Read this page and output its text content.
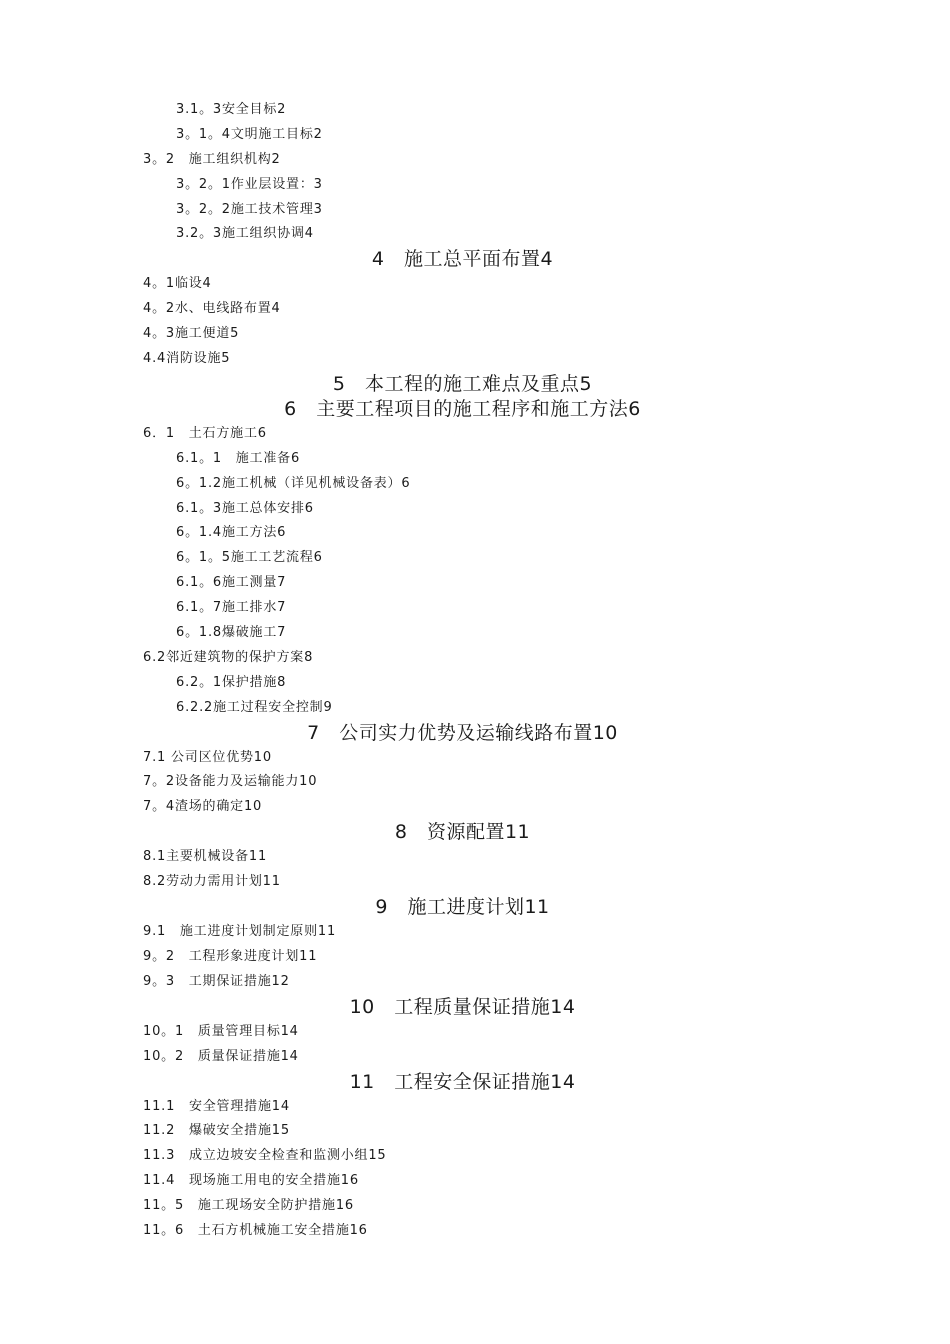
3.1。3安全目标2
3。1。4文明施工目标2
3。2　施工组织机构2
3。2。1作业层设置：3
3。2。2施工技术管理3
3.2。3施工组织协调4
4　施工总平面布置4
4。1临设4
4。2水、电线路布置4
4。3施工便道5
4.4消防设施5
5　本工程的施工难点及重点5
6　主要工程项目的施工程序和施工方法6
6．1　土石方施工6
6.1。1　施工准备6
6。1.2施工机械（详见机械设备表）6
6.1。3施工总体安排6
6。1.4施工方法6
6。1。5施工工艺流程6
6.1。6施工测量7
6.1。7施工排水7
6。1.8爆破施工7
6.2邻近建筑物的保护方案8
6.2。1保护措施8
6.2.2施工过程安全控制9
7　公司实力优势及运输线路布置10
7.1 公司区位优势10
7。2设备能力及运输能力10
7。4渣场的确定10
8　资源配置11
8.1主要机械设备11
8.2劳动力需用计划11
9　施工进度计划11
9.1　施工进度计划制定原则11
9。2　工程形象进度计划11
9。3　工期保证措施12
10　工程质量保证措施14
10。1　质量管理目标14
10。2　质量保证措施14
11　工程安全保证措施14
11.1　安全管理措施14
11.2　爆破安全措施15
11.3　成立边坡安全检查和监测小组15
11.4　现场施工用电的安全措施16
11。5　施工现场安全防护措施16
11。6　土石方机械施工安全措施16
